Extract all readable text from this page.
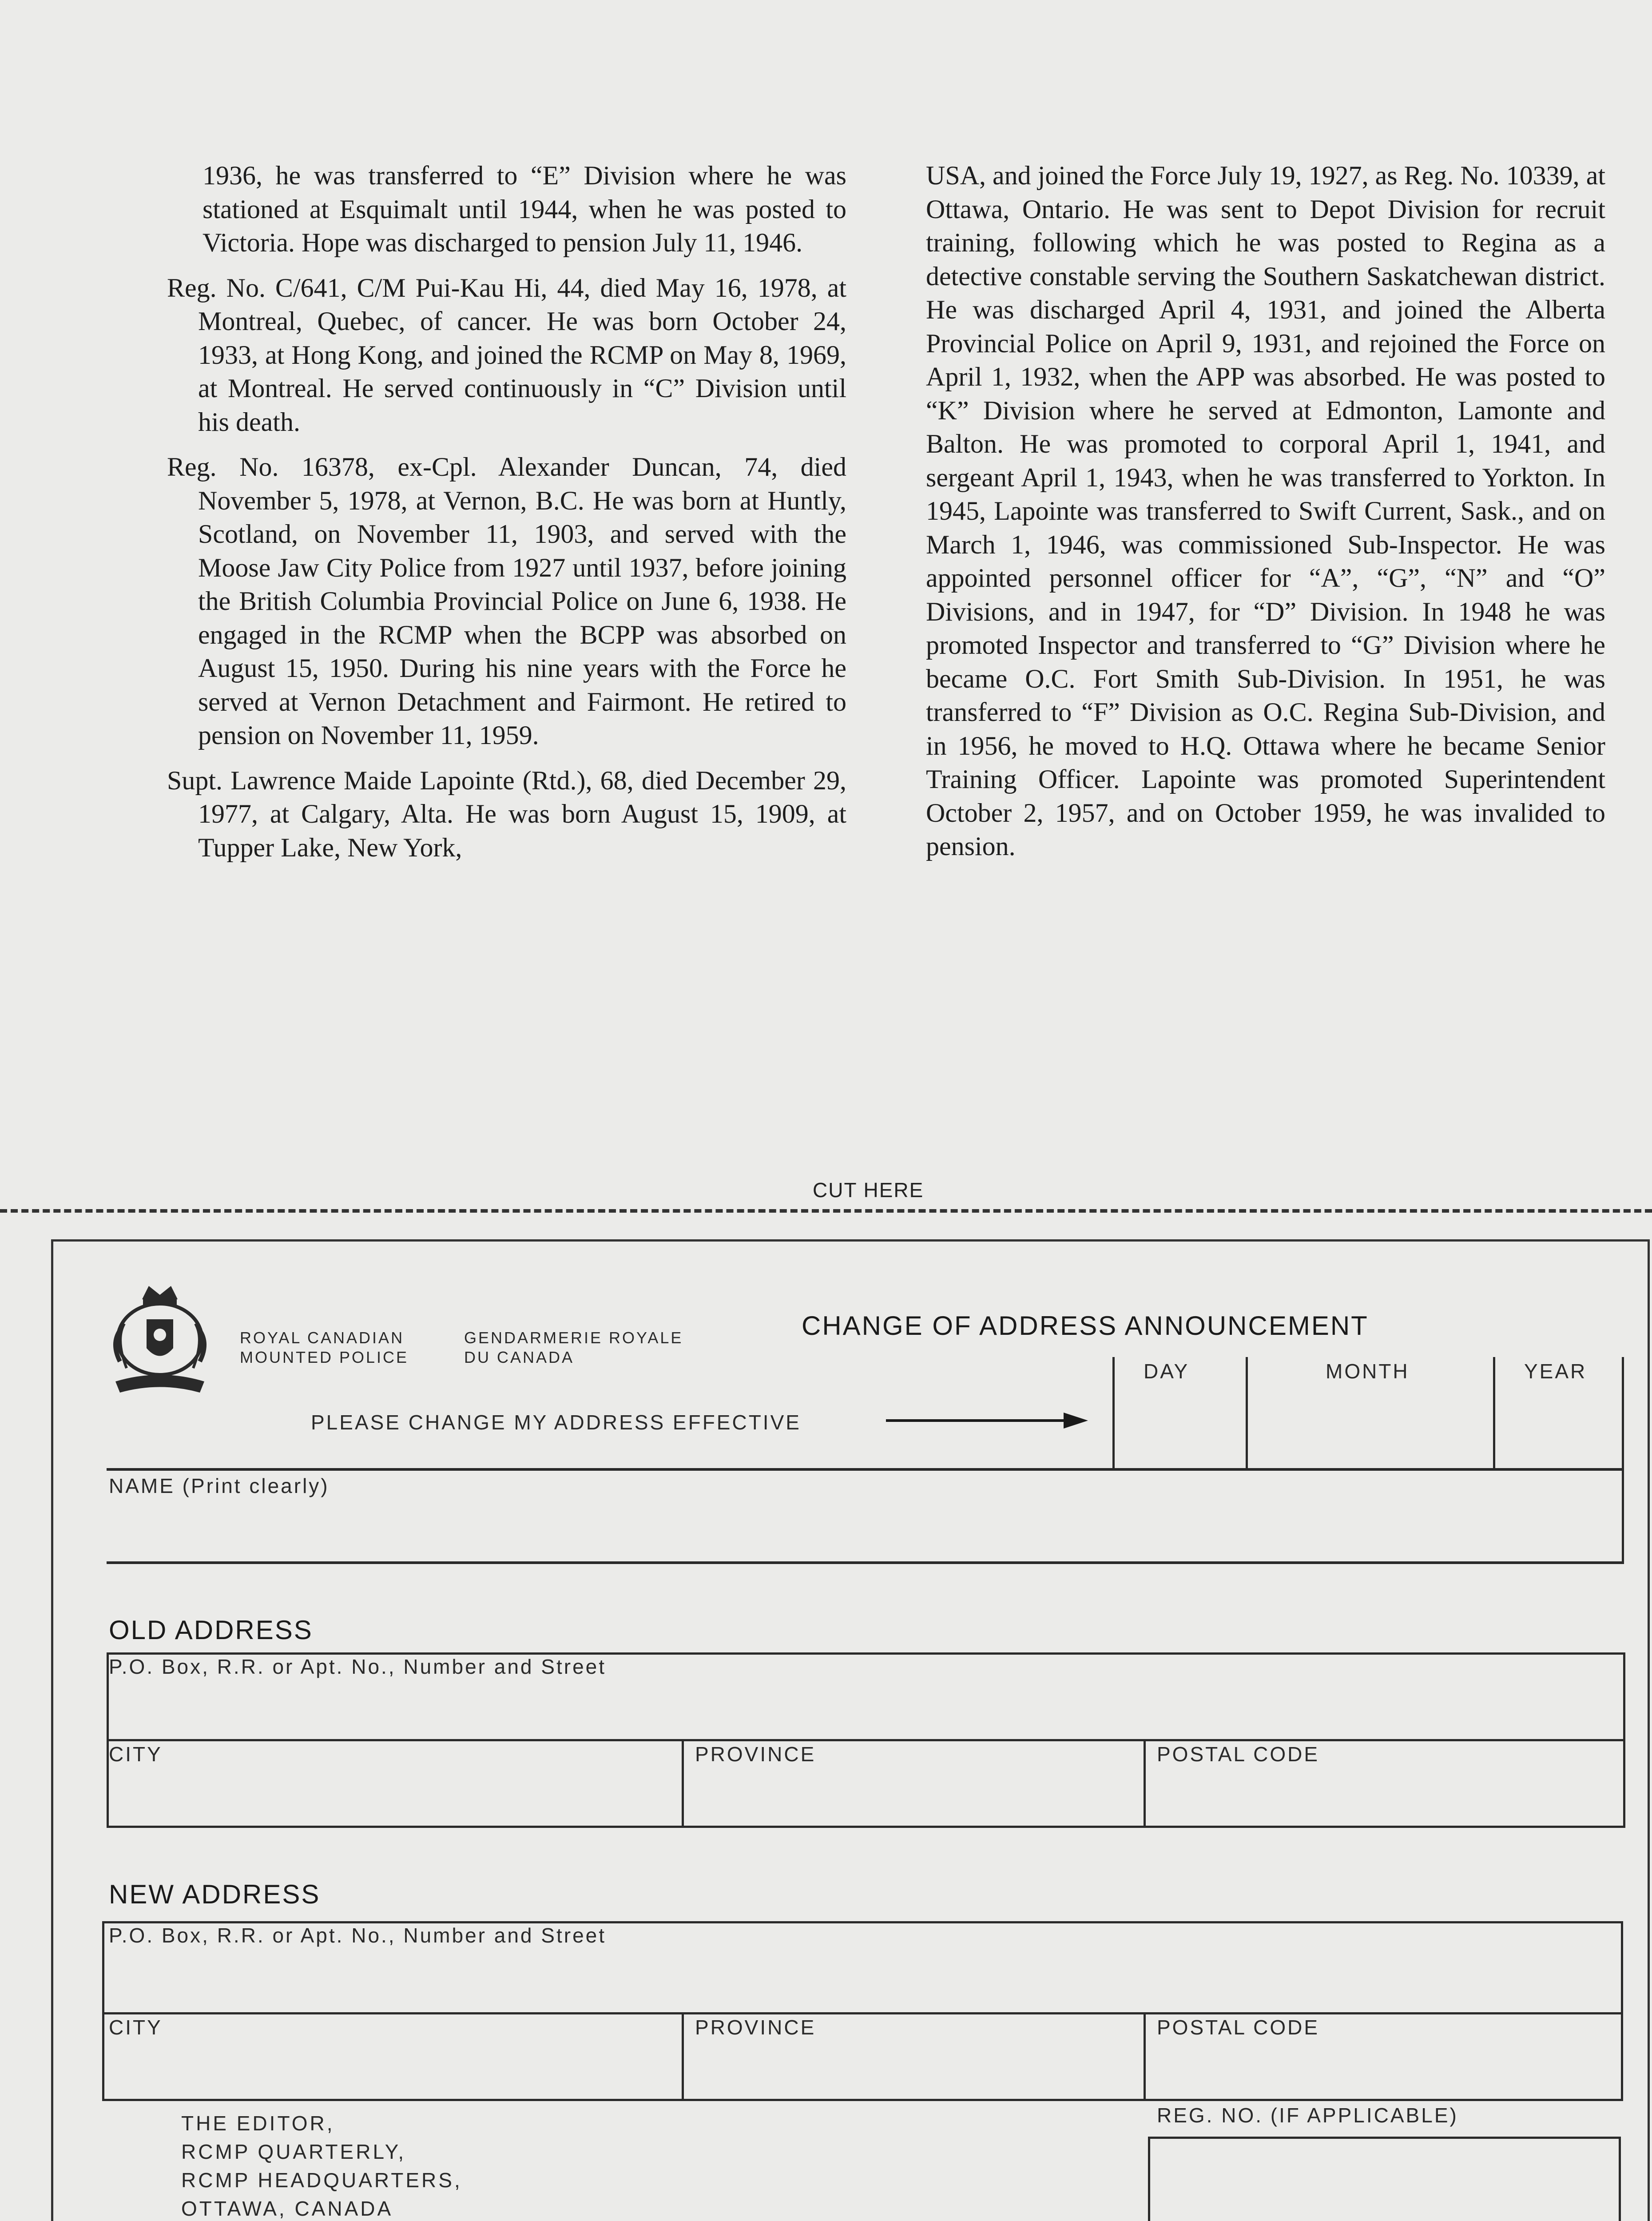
1936, he was transferred to “E” Division where he was stationed at Esquimalt until 1944, when he was posted to Victoria. Hope was discharged to pension July 11, 1946.

Reg. No. C/641, C/M Pui-Kau Hi, 44, died May 16, 1978, at Montreal, Quebec, of cancer. He was born October 24, 1933, at Hong Kong, and joined the RCMP on May 8, 1969, at Montreal. He served continuously in “C” Division until his death.

Reg. No. 16378, ex-Cpl. Alexander Duncan, 74, died November 5, 1978, at Vernon, B.C. He was born at Huntly, Scotland, on November 11, 1903, and served with the Moose Jaw City Police from 1927 until 1937, before joining the British Columbia Provincial Police on June 6, 1938. He engaged in the RCMP when the BCPP was absorbed on August 15, 1950. During his nine years with the Force he served at Vernon Detachment and Fairmont. He retired to pension on November 11, 1959.

Supt. Lawrence Maide Lapointe (Rtd.), 68, died December 29, 1977, at Calgary, Alta. He was born August 15, 1909, at Tupper Lake, New York,

USA, and joined the Force July 19, 1927, as Reg. No. 10339, at Ottawa, Ontario. He was sent to Depot Division for recruit training, following which he was posted to Regina as a detective constable serving the Southern Saskatchewan district. He was discharged April 4, 1931, and joined the Alberta Provincial Police on April 9, 1931, and rejoined the Force on April 1, 1932, when the APP was absorbed. He was posted to “K” Division where he served at Edmonton, Lamonte and Balton. He was promoted to corporal April 1, 1941, and sergeant April 1, 1943, when he was transferred to Yorkton. In 1945, Lapointe was transferred to Swift Current, Sask., and on March 1, 1946, was commissioned Sub-Inspector. He was appointed personnel officer for “A”, “G”, “N” and “O” Divisions, and in 1947, for “D” Division. In 1948 he was promoted Inspector and transferred to “G” Division where he became O.C. Fort Smith Sub-Division. In 1951, he was transferred to “F” Division as O.C. Regina Sub-Division, and in 1956, he moved to H.Q. Ottawa where he became Senior Training Officer. Lapointe was promoted Superintendent October 2, 1957, and on October 1959, he was invalided to pension.

CUT HERE
ROYAL CANADIAN
MOUNTED POLICE
GENDARMERIE ROYALE
DU CANADA
CHANGE OF ADDRESS ANNOUNCEMENT
PLEASE CHANGE MY ADDRESS EFFECTIVE
DAY	MONTH	YEAR
NAME (Print clearly)
OLD ADDRESS
P.O. Box, R.R. or Apt. No., Number and Street
CITY	PROVINCE	POSTAL CODE
NEW ADDRESS
P.O. Box, R.R. or Apt. No., Number and Street
CITY	PROVINCE	POSTAL CODE
THE EDITOR,
RCMP QUARTERLY,
RCMP HEADQUARTERS,
OTTAWA, CANADA
REG. NO. (IF APPLICABLE)
